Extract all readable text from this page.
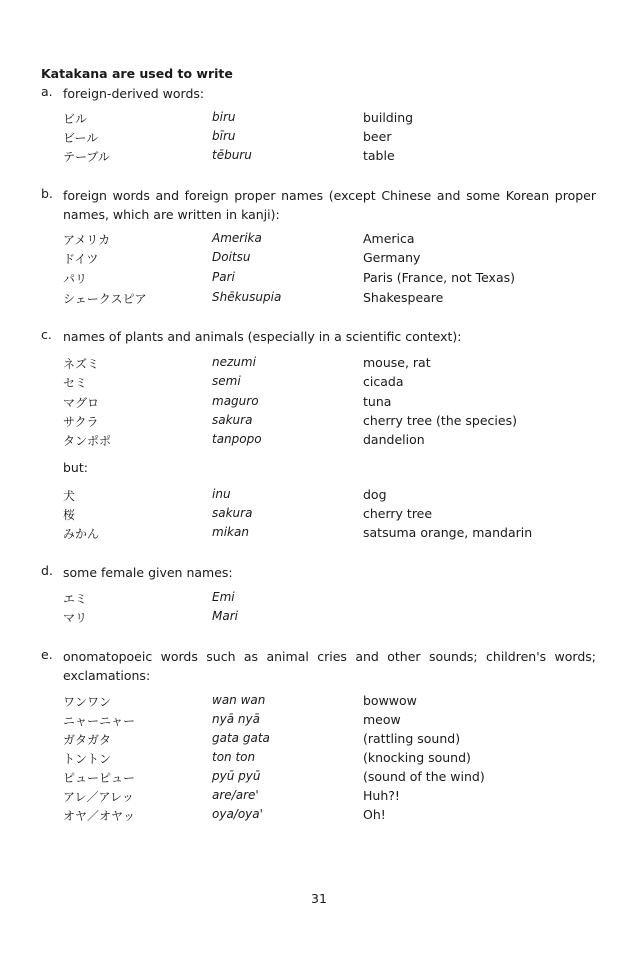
Katakana are used to write
a. foreign-derived words:
ビル	biru	building
ビール	bīru	beer
テーブル	tēburu	table
b. foreign words and foreign proper names (except Chinese and some Korean proper names, which are written in kanji):
アメリカ	Amerika	America
ドイツ	Doitsu	Germany
パリ	Pari	Paris (France, not Texas)
シェークスピア	Shēkusupia	Shakespeare
c. names of plants and animals (especially in a scientific context):
ネズミ	nezumi	mouse, rat
セミ	semi	cicada
マグロ	maguro	tuna
サクラ	sakura	cherry tree (the species)
タンポポ	tanpopo	dandelion
but:
犬	inu	dog
桜	sakura	cherry tree
みかん	mikan	satsuma orange, mandarin
d. some female given names:
エミ	Emi
マリ	Mari
e. onomatopoeic words such as animal cries and other sounds; children's words; exclamations:
ワンワン	wan wan	bowwow
ニャーニャー	nyā nyā	meow
ガタガタ	gata gata	(rattling sound)
トントン	ton ton	(knocking sound)
ピューピュー	pyū pyū	(sound of the wind)
アレ／アレッ	are/are'	Huh?!
オヤ／オヤッ	oya/oya'	Oh!
31
